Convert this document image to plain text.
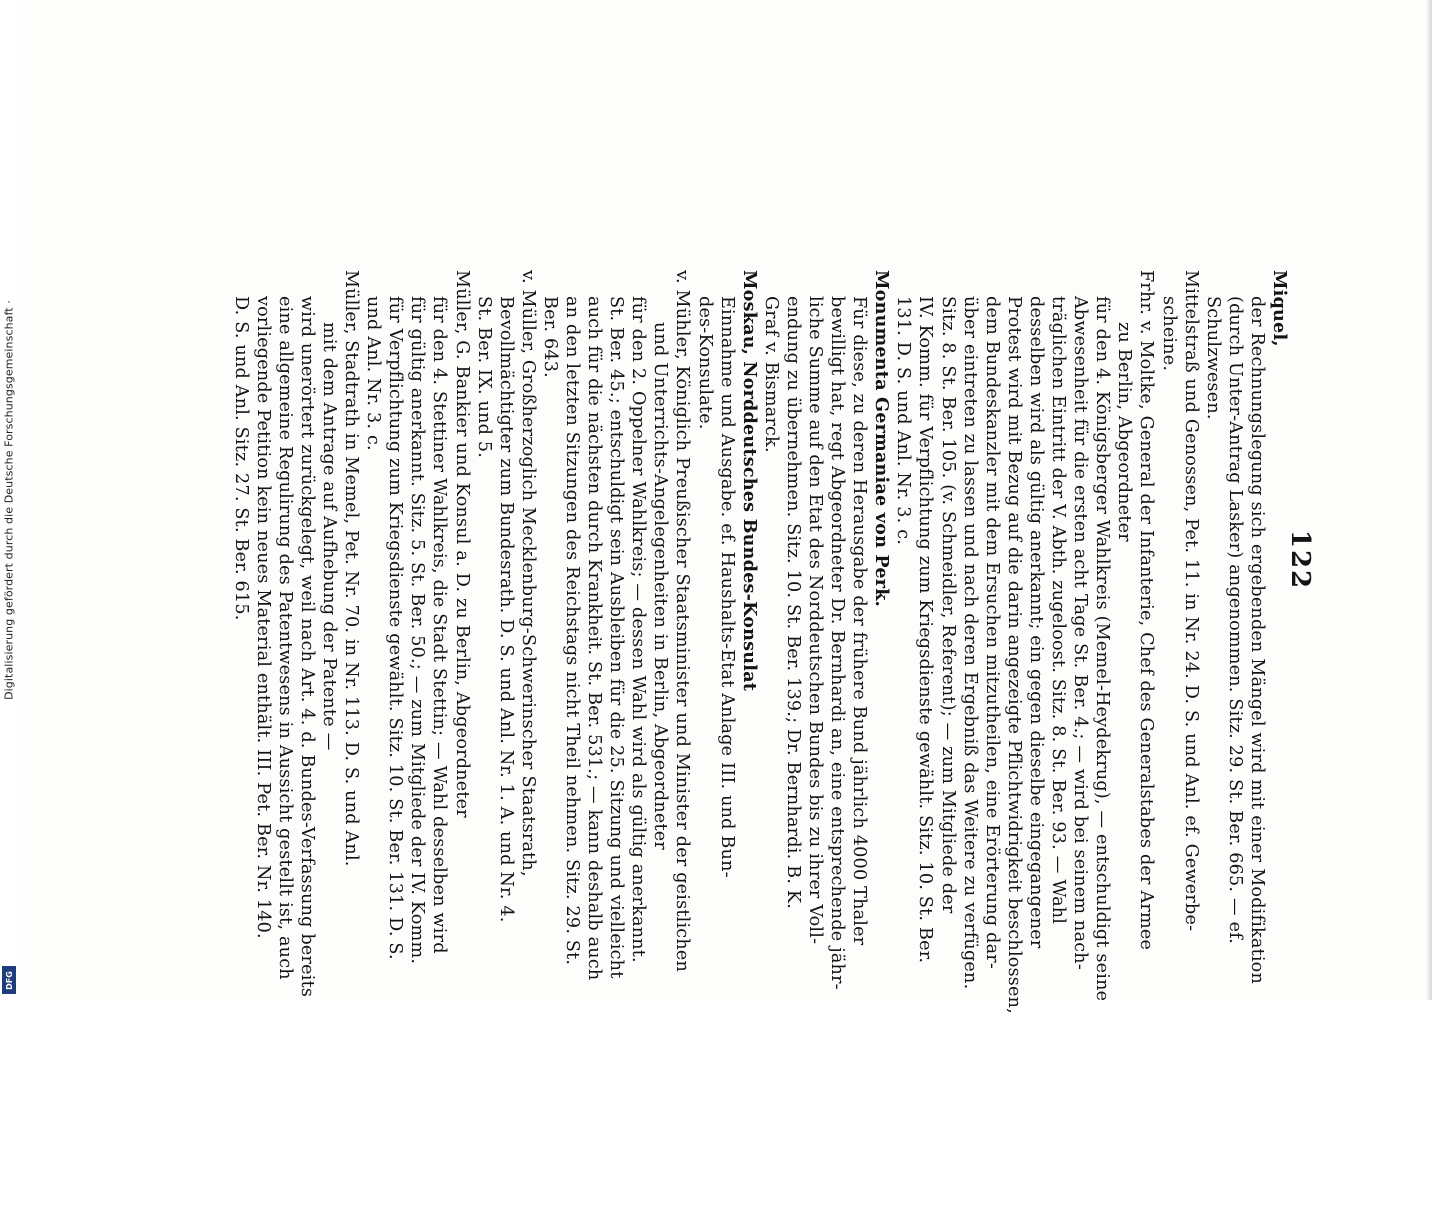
122

Miquel,

der Rechnungslegung sich ergebenden Mängel wird mit einer Modifikation

(durch Unter-Antrag Lasker) angenommen. Sitz. 29. St. Ber. 665. — ef.

Schulzwesen.

Mittelstraß und Genossen, Pet. 11. in Nr. 24. D. S. und Anl. ef. Gewerbe-

scheine.

Frhr. v. Moltke, General der Infanterie, Chef des Generalstabes der Armee

zu Berlin, Abgeordneter

für den 4. Königsberger Wahlkreis (Memel-Heydekrug), — entschuldigt seine

Abwesenheit für die ersten acht Tage St. Ber. 4.; — wird bei seinem nach-

träglichen Eintritt der V. Abth. zugeloost. Sitz. 8. St. Ber. 93. — Wahl

desselben wird als gültig anerkannt; ein gegen dieselbe eingegangener

Protest wird mit Bezug auf die darin angezeigte Pflichtwidrigkeit beschlossen,

dem Bundeskanzler mit dem Ersuchen mitzutheilen, eine Erörterung dar-

über eintreten zu lassen und nach deren Ergebniß das Weitere zu verfügen.

Sitz. 8. St. Ber. 105. (v. Schmeidler, Referent); — zum Mitgliede der

IV. Komm. für Verpflichtung zum Kriegsdienste gewählt. Sitz. 10. St. Ber.

131. D. S. und Anl. Nr. 3. c.

Monumenta Germaniae von Perk.

Für diese, zu deren Herausgabe der frühere Bund jährlich 4000 Thaler

bewilligt hat, regt Abgeordneter Dr. Bernhardi an, eine entsprechende jähr-

liche Summe auf den Etat des Norddeutschen Bundes bis zu ihrer Voll-

endung zu übernehmen. Sitz. 10. St. Ber. 139.; Dr. Bernhardi. B. K.

Graf v. Bismarck.

Moskau, Norddeutsches Bundes-Konsulat

Einnahme und Ausgabe. ef. Haushalts-Etat Anlage III. und Bun-

des-Konsulate.

v. Mühler, Königlich Preußischer Staatsminister und Minister der geistlichen

und Unterrichts-Angelegenheiten in Berlin, Abgeordneter

für den 2. Oppelner Wahlkreis; — dessen Wahl wird als gültig anerkannt.

St. Ber. 45.; entschuldigt sein Ausbleiben für die 25. Sitzung und vielleicht

auch für die nächsten durch Krankheit. St. Ber. 531.; — kann deshalb auch

an den letzten Sitzungen des Reichstags nicht Theil nehmen. Sitz. 29. St.

Ber. 643.

v. Müller, Großherzoglich Mecklenburg-Schwerinscher Staatsrath,

Bevollmächtigter zum Bundesrath. D. S. und Anl. Nr. 1. A. und Nr. 4.

St. Ber. IX. und 5.

Müller, G. Bankier und Konsul a. D. zu Berlin, Abgeordneter

für den 4. Stettiner Wahlkreis, die Stadt Stettin; — Wahl desselben wird

für gültig anerkannt. Sitz. 5. St. Ber. 50.; — zum Mitgliede der IV. Komm.

für Verpflichtung zum Kriegsdienste gewählt. Sitz. 10. St. Ber. 131. D. S.

und Anl. Nr. 3. c.

Müller, Stadtrath in Memel, Pet. Nr. 70. in Nr. 113. D. S. und Anl.

mit dem Antrage auf Aufhebung der Patente —

wird unerörtert zurückgelegt, weil nach Art. 4. d. Bundes-Verfassung bereits

eine allgemeine Regulirung des Patentwesens in Aussicht gestellt ist, auch

vorliegende Petition kein neues Material enthält. III. Pet. Ber. Nr. 140.

D. S. und Anl. Sitz. 27. St. Ber. 615.

Digitalisierung gefördert durch die Deutsche Forschungsgemeinschaft ·
DFG
